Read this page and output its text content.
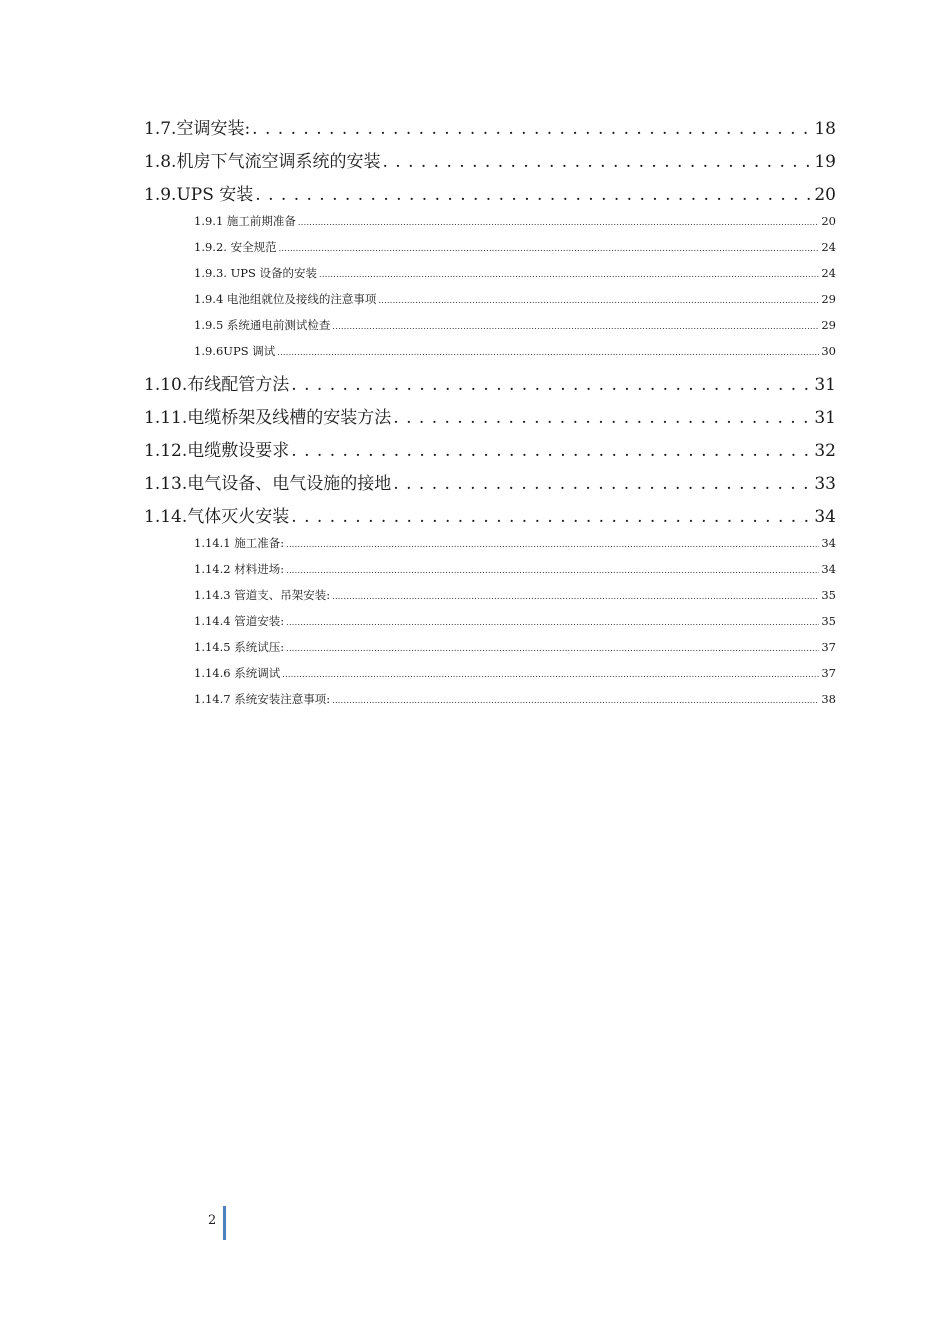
1.7.空调安装: . . .	18
1.8.机房下气流空调系统的安装 . . .	19
1.9.UPS 安装 . . .	20
1.9.1 施工前期准备 .....	20
1.9.2. 安全规范 .....	24
1.9.3. UPS 设备的安装 .....	24
1.9.4 电池组就位及接线的注意事项 .....	29
1.9.5 系统通电前测试检查 .....	29
1.9.6UPS 调试 .....	30
1.10.布线配管方法 . . .	31
1.11.电缆桥架及线槽的安装方法 . . .	31
1.12.电缆敷设要求 . . .	32
1.13.电气设备、电气设施的接地 . . .	33
1.14.气体灭火安装 . . .	34
1.14.1 施工准备: .....	34
1.14.2 材料进场: .....	34
1.14.3 管道支、吊架安装: .....	35
1.14.4 管道安装: .....	35
1.14.5 系统试压: .....	37
1.14.6 系统调试 .....	37
1.14.7 系统安装注意事项: .....	38
2
